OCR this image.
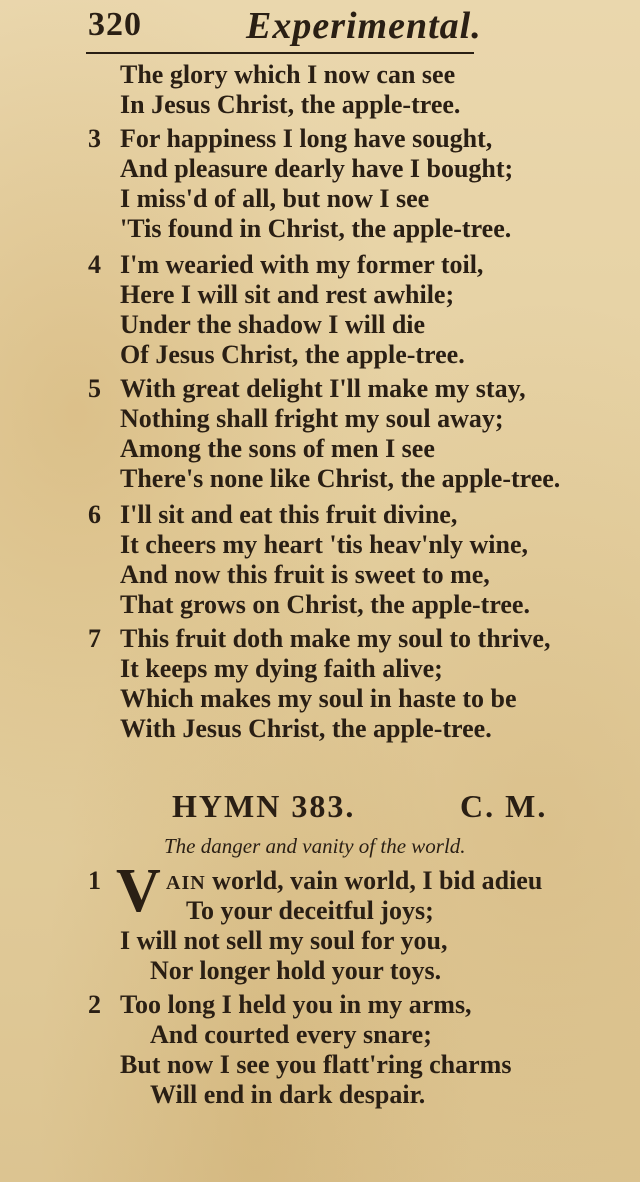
320	Experimental.
The glory which I now can see
In Jesus Christ, the apple-tree.
3 For happiness I long have sought,
And pleasure dearly have I bought;
I miss'd of all, but now I see
'Tis found in Christ, the apple-tree.
4 I'm wearied with my former toil,
Here I will sit and rest awhile;
Under the shadow I will die
Of Jesus Christ, the apple-tree.
5 With great delight I'll make my stay,
Nothing shall fright my soul away;
Among the sons of men I see
There's none like Christ, the apple-tree.
6 I'll sit and eat this fruit divine,
It cheers my heart 'tis heav'nly wine,
And now this fruit is sweet to me,
That grows on Christ, the apple-tree.
7 This fruit doth make my soul to thrive,
It keeps my dying faith alive;
Which makes my soul in haste to be
With Jesus Christ, the apple-tree.
HYMN 383.	C. M.
The danger and vanity of the world.
1 V AIN world, vain world, I bid adieu
To your deceitful joys;
I will not sell my soul for you,
Nor longer hold your toys.
2 Too long I held you in my arms,
And courted every snare;
But now I see you flatt'ring charms
Will end in dark despair.
